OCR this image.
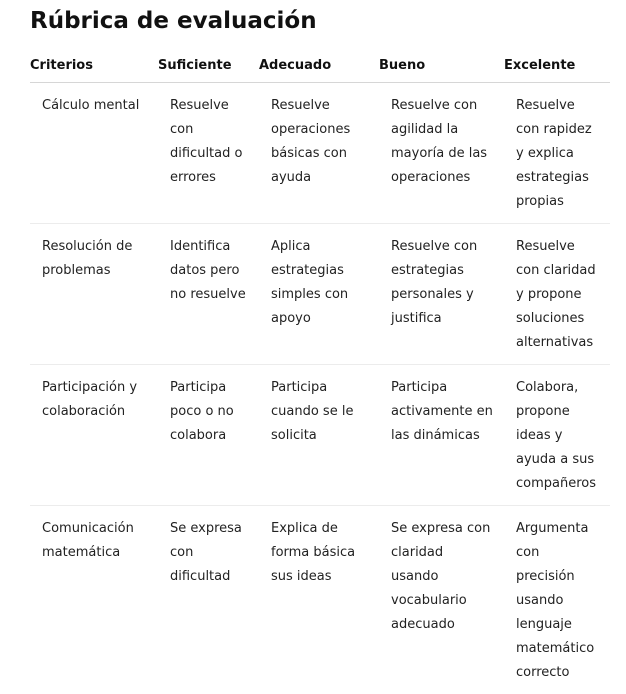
Rúbrica de evaluación
Criterios	Suficiente	Adecuado	Bueno	Excelente
Cálculo mental	Resuelve con dificultad o errores	Resuelve operaciones básicas con ayuda	Resuelve con agilidad la mayoría de las operaciones	Resuelve con rapidez y explica estrategias propias
Resolución de problemas	Identifica datos pero no resuelve	Aplica estrategias simples con apoyo	Resuelve con estrategias personales y justifica	Resuelve con claridad y propone soluciones alternativas
Participación y colaboración	Participa poco o no colabora	Participa cuando se le solicita	Participa activamente en las dinámicas	Colabora, propone ideas y ayuda a sus compañeros
Comunicación matemática	Se expresa con dificultad	Explica de forma básica sus ideas	Se expresa con claridad usando vocabulario adecuado	Argumenta con precisión usando lenguaje matemático correcto
